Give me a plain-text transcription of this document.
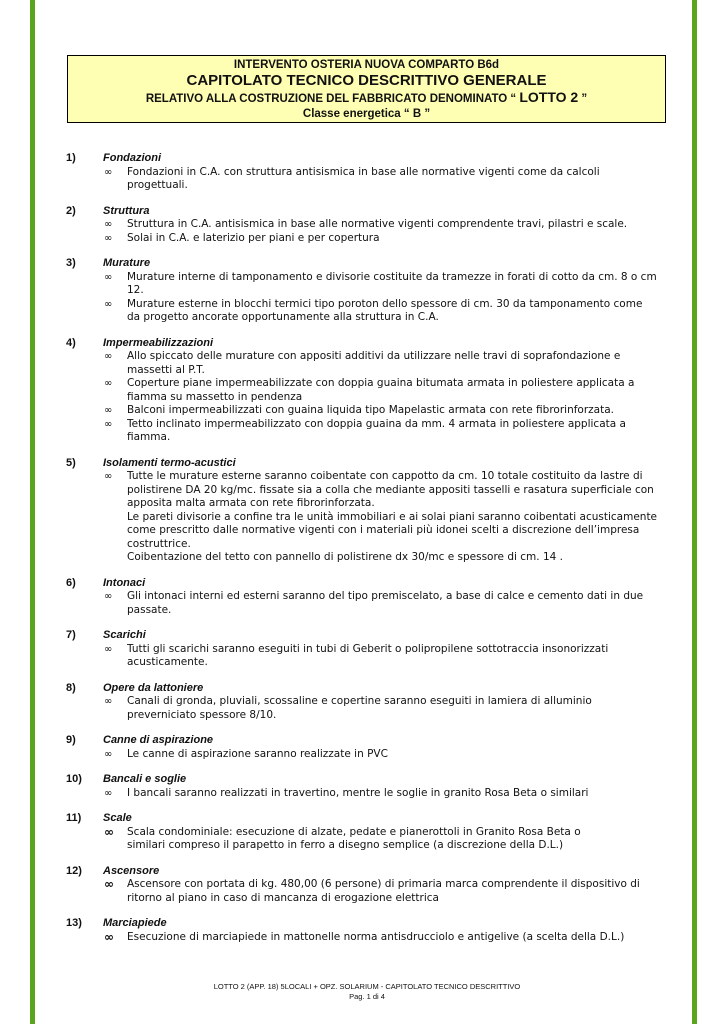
INTERVENTO OSTERIA NUOVA COMPARTO B6d
CAPITOLATO TECNICO DESCRITTIVO GENERALE
RELATIVO ALLA COSTRUZIONE DEL FABBRICATO DENOMINATO “ LOTTO 2 ”
Classe energetica “ B ”
1)	Fondazioni
∞ Fondazioni in C.A. con struttura antisismica in base alle normative vigenti come da calcoli
progettuali.
2)	Struttura
∞ Struttura in C.A. antisismica in base alle normative vigenti comprendente travi, pilastri e scale.
∞ Solai in C.A. e laterizio per piani e per copertura
3)	Murature
∞ Murature interne di tamponamento e divisorie costituite da tramezze in forati di cotto da cm. 8 o cm
12.
∞ Murature esterne in blocchi termici tipo poroton dello spessore di cm. 30 da tamponamento come
da progetto ancorate opportunamente alla struttura in C.A.
4)	Impermeabilizzazioni
∞ Allo spiccato delle murature con appositi additivi da utilizzare nelle travi di soprafondazione e
massetti al P.T.
∞ Coperture piane impermeabilizzate con doppia guaina bitumata armata in poliestere applicata a
fiamma su massetto in pendenza
∞ Balconi impermeabilizzati con guaina liquida tipo Mapelastic armata con rete fibrorinforzata.
∞ Tetto inclinato impermeabilizzato con doppia guaina da mm. 4 armata in poliestere applicata a
fiamma.
5)	Isolamenti termo-acustici
∞ Tutte le murature esterne saranno coibentate con cappotto da cm. 10 totale costituito da lastre di
polistirene DA 20 kg/mc. fissate sia a colla che mediante appositi tasselli e rasatura superficiale con
apposita malta armata con rete fibrorinforzata.
Le pareti divisorie a confine tra le unità immobiliari e ai solai piani saranno coibentati acusticamente
come prescritto dalle normative vigenti con i materiali più idonei scelti a discrezione dell’impresa
costruttrice.
Coibentazione del tetto con pannello di polistirene dx 30/mc e spessore di cm. 14 .
6)	Intonaci
∞ Gli intonaci interni ed esterni saranno del tipo premiscelato, a base di calce e cemento dati in due
passate.
7)	Scarichi
∞ Tutti gli scarichi saranno eseguiti in tubi di Geberit o polipropilene sottotraccia insonorizzati
acusticamente.
8)	Opere da lattoniere
∞ Canali di gronda, pluviali, scossaline e copertine saranno eseguiti in lamiera di alluminio
preverniciato spessore 8/10.
9)	Canne di aspirazione
∞ Le canne di aspirazione saranno realizzate in PVC
10)	Bancali e soglie
∞ I bancali saranno realizzati in travertino, mentre le soglie in granito Rosa Beta o similari
11)	Scale
∞ Scala condominiale: esecuzione di alzate, pedate e pianerottoli in Granito Rosa Beta o
similari compreso il parapetto in ferro a disegno semplice (a discrezione della D.L.)
12)	Ascensore
∞ Ascensore con portata di kg. 480,00 (6 persone) di primaria marca comprendente il dispositivo di
ritorno al piano in caso di mancanza di erogazione elettrica
13)	Marciapiede
∞ Esecuzione di marciapiede in mattonelle norma antisdrucciolo e antigelive (a scelta della D.L.)
LOTTO 2 (APP. 18) 5LOCALI + OPZ. SOLARIUM - CAPITOLATO TECNICO DESCRITTIVO
Pag. 1 di 4
